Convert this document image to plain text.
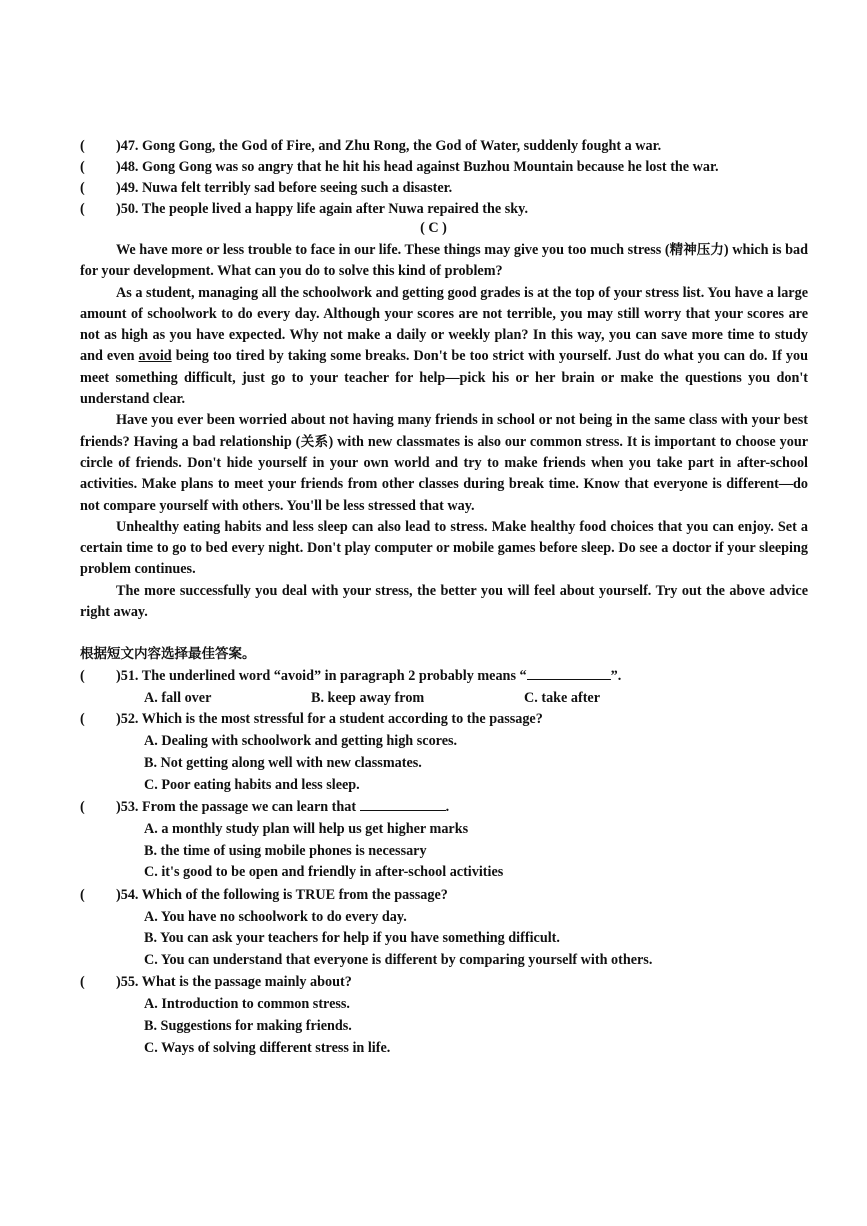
( )47. Gong Gong, the God of Fire, and Zhu Rong, the God of Water, suddenly fought a war.
( )48. Gong Gong was so angry that he hit his head against Buzhou Mountain because he lost the war.
( )49. Nuwa felt terribly sad before seeing such a disaster.
( )50. The people lived a happy life again after Nuwa repaired the sky.
( C )

We have more or less trouble to face in our life. These things may give you too much stress (精神压力) which is bad for your development. What can you do to solve this kind of problem?

As a student, managing all the schoolwork and getting good grades is at the top of your stress list. You have a large amount of schoolwork to do every day. Although your scores are not terrible, you may still worry that your scores are not as high as you have expected. Why not make a daily or weekly plan? In this way, you can save more time to study and even avoid being too tired by taking some breaks. Don't be too strict with yourself. Just do what you can do. If you meet something difficult, just go to your teacher for help—pick his or her brain or make the questions you don't understand clear.

Have you ever been worried about not having many friends in school or not being in the same class with your best friends? Having a bad relationship (关系) with new classmates is also our common stress. It is important to choose your circle of friends. Don't hide yourself in your own world and try to make friends when you take part in after-school activities. Make plans to meet your friends from other classes during break time. Know that everyone is different—do not compare yourself with others. You'll be less stressed that way.

Unhealthy eating habits and less sleep can also lead to stress. Make healthy food choices that you can enjoy. Set a certain time to go to bed every night. Don't play computer or mobile games before sleep. Do see a doctor if your sleeping problem continues.

The more successfully you deal with your stress, the better you will feel about yourself. Try out the above advice right away.

根据短文内容选择最佳答案。
( )51. The underlined word “avoid” in paragraph 2 probably means “	”.
A. fall over	B. keep away from	C. take after
( )52. Which is the most stressful for a student according to the passage?
A. Dealing with schoolwork and getting high scores.
B. Not getting along well with new classmates.
C. Poor eating habits and less sleep.
( )53. From the passage we can learn that	.
A. a monthly study plan will help us get higher marks
B. the time of using mobile phones is necessary
C. it's good to be open and friendly in after-school activities
( )54. Which of the following is TRUE from the passage?
A. You have no schoolwork to do every day.
B. You can ask your teachers for help if you have something difficult.
C. You can understand that everyone is different by comparing yourself with others.
( )55. What is the passage mainly about?
A. Introduction to common stress.
B. Suggestions for making friends.
C. Ways of solving different stress in life.
